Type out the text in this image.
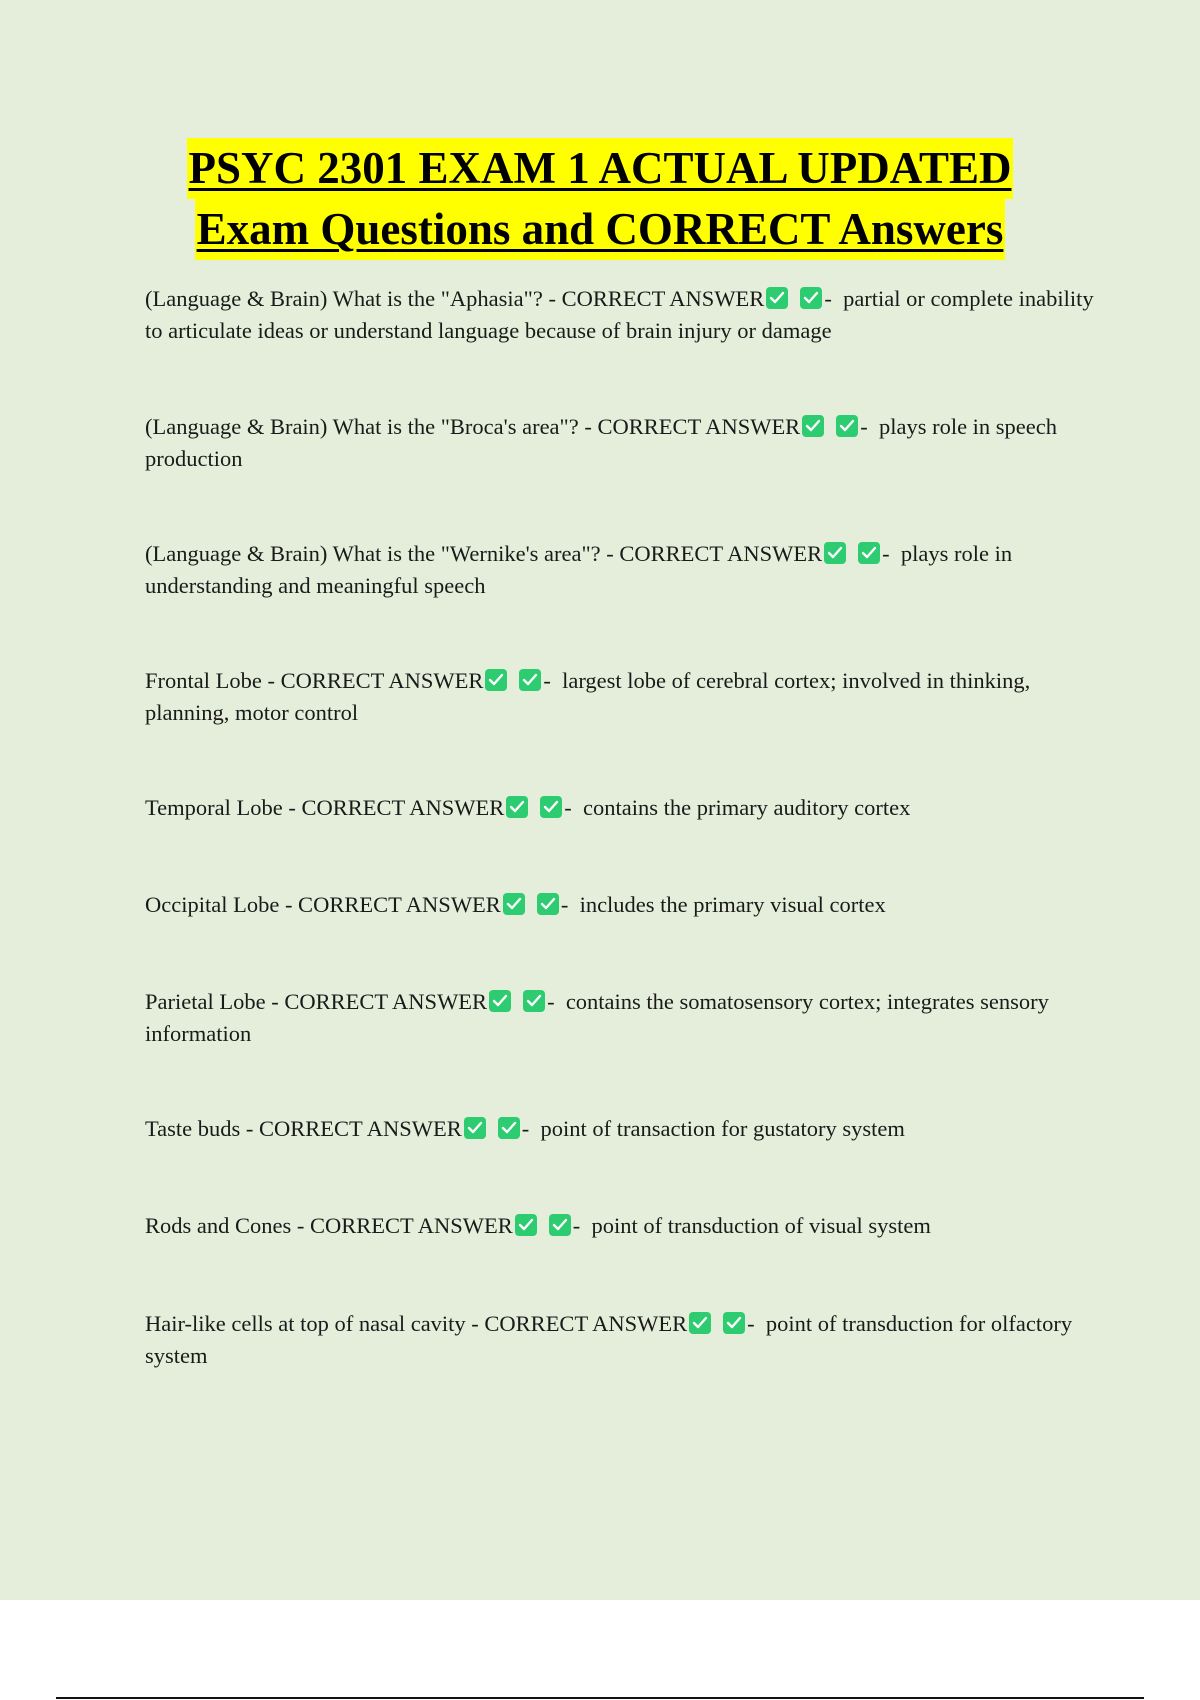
PSYC 2301 EXAM 1 ACTUAL UPDATED
Exam Questions and CORRECT Answers
(Language & Brain) What is the "Aphasia"? - CORRECT ANSWER	- partial or complete inability to articulate ideas or understand language because of brain injury or damage
(Language & Brain) What is the "Broca's area"? - CORRECT ANSWER	- plays role in speech production
(Language & Brain) What is the "Wernike's area"? - CORRECT ANSWER	- plays role in understanding and meaningful speech
Frontal Lobe - CORRECT ANSWER	- largest lobe of cerebral cortex; involved in thinking, planning, motor control
Temporal Lobe - CORRECT ANSWER	- contains the primary auditory cortex
Occipital Lobe - CORRECT ANSWER	- includes the primary visual cortex
Parietal Lobe - CORRECT ANSWER	- contains the somatosensory cortex; integrates sensory information
Taste buds - CORRECT ANSWER	- point of transaction for gustatory system
Rods and Cones - CORRECT ANSWER	- point of transduction of visual system
Hair-like cells at top of nasal cavity - CORRECT ANSWER	- point of transduction for olfactory system
